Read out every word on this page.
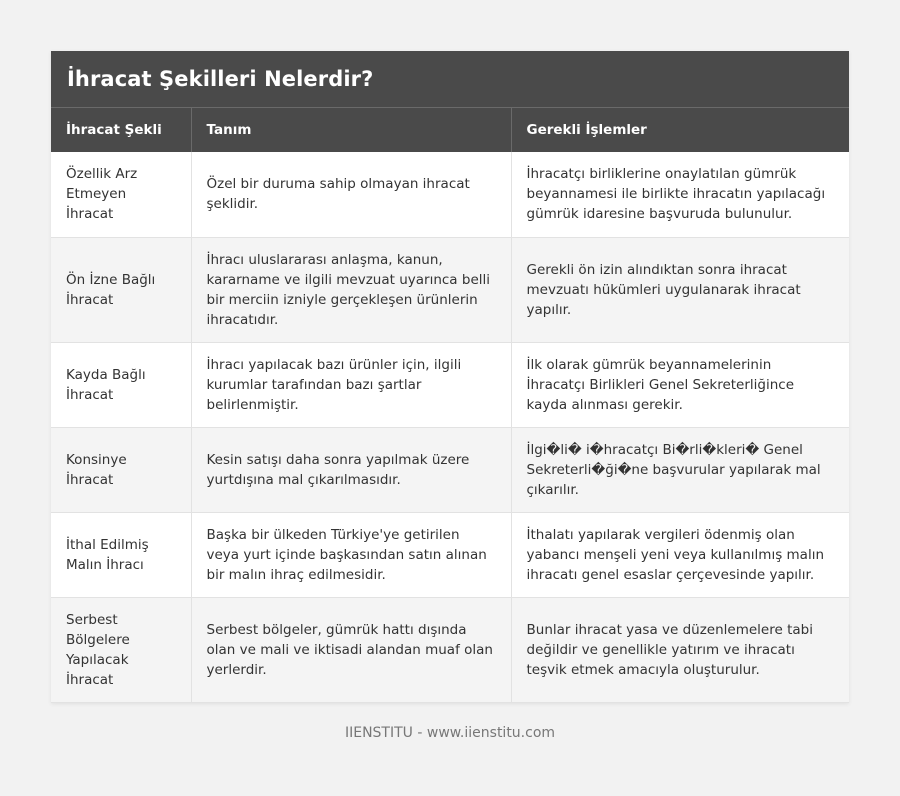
İhracat Şekilleri Nelerdir?
İhracat Şekli	Tanım	Gerekli İşlemler
Özellik Arz Etmeyen İhracat	Özel bir duruma sahip olmayan ihracat şeklidir.	İhracatçı birliklerine onaylatılan gümrük beyannamesi ile birlikte ihracatın yapılacağı gümrük idaresine başvuruda bulunulur.
Ön İzne Bağlı İhracat	İhracı uluslararası anlaşma, kanun, kararname ve ilgili mevzuat uyarınca belli bir merciin izniyle gerçekleşen ürünlerin ihracatıdır.	Gerekli ön izin alındıktan sonra ihracat mevzuatı hükümleri uygulanarak ihracat yapılır.
Kayda Bağlı İhracat	İhracı yapılacak bazı ürünler için, ilgili kurumlar tarafından bazı şartlar belirlenmiştir.	İlk olarak gümrük beyannamelerinin İhracatçı Birlikleri Genel Sekreterliğince kayda alınması gerekir.
Konsinye İhracat	Kesin satışı daha sonra yapılmak üzere yurtdışına mal çıkarılmasıdır.	İlgi�li� i�hracatçı Bi�rli�kleri� Genel Sekreterli�ği�ne başvurular yapılarak mal çıkarılır.
İthal Edilmiş Malın İhracı	Başka bir ülkeden Türkiye'ye getirilen veya yurt içinde başkasından satın alınan bir malın ihraç edilmesidir.	İthalatı yapılarak vergileri ödenmiş olan yabancı menşeli yeni veya kullanılmış malın ihracatı genel esaslar çerçevesinde yapılır.
Serbest Bölgelere Yapılacak İhracat	Serbest bölgeler, gümrük hattı dışında olan ve mali ve iktisadi alandan muaf olan yerlerdir.	Bunlar ihracat yasa ve düzenlemelere tabi değildir ve genellikle yatırım ve ihracatı teşvik etmek amacıyla oluşturulur.
IIENSTITU - www.iienstitu.com
